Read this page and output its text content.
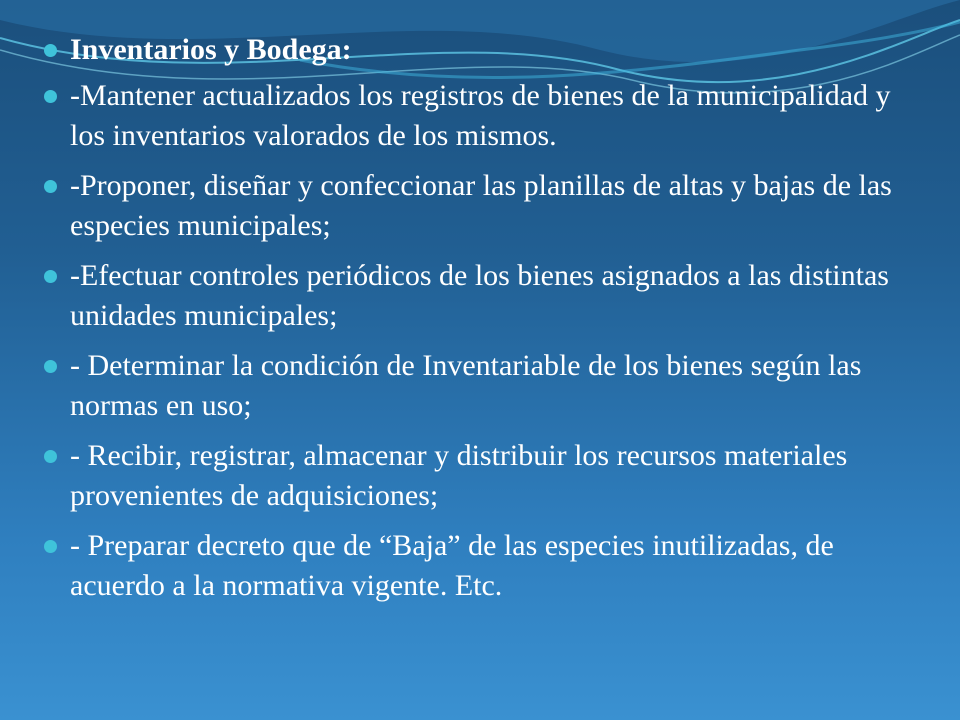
Inventarios y Bodega:
-Mantener actualizados los registros de bienes de la municipalidad y los inventarios valorados de los mismos.
-Proponer, diseñar y confeccionar las planillas de altas y bajas de las especies municipales;
-Efectuar controles periódicos de los bienes asignados a las distintas unidades municipales;
- Determinar la condición de Inventariable de los bienes según las normas en uso;
- Recibir, registrar, almacenar y distribuir los recursos materiales provenientes de adquisiciones;
- Preparar decreto que de “Baja” de las especies inutilizadas, de acuerdo a la normativa vigente. Etc.
